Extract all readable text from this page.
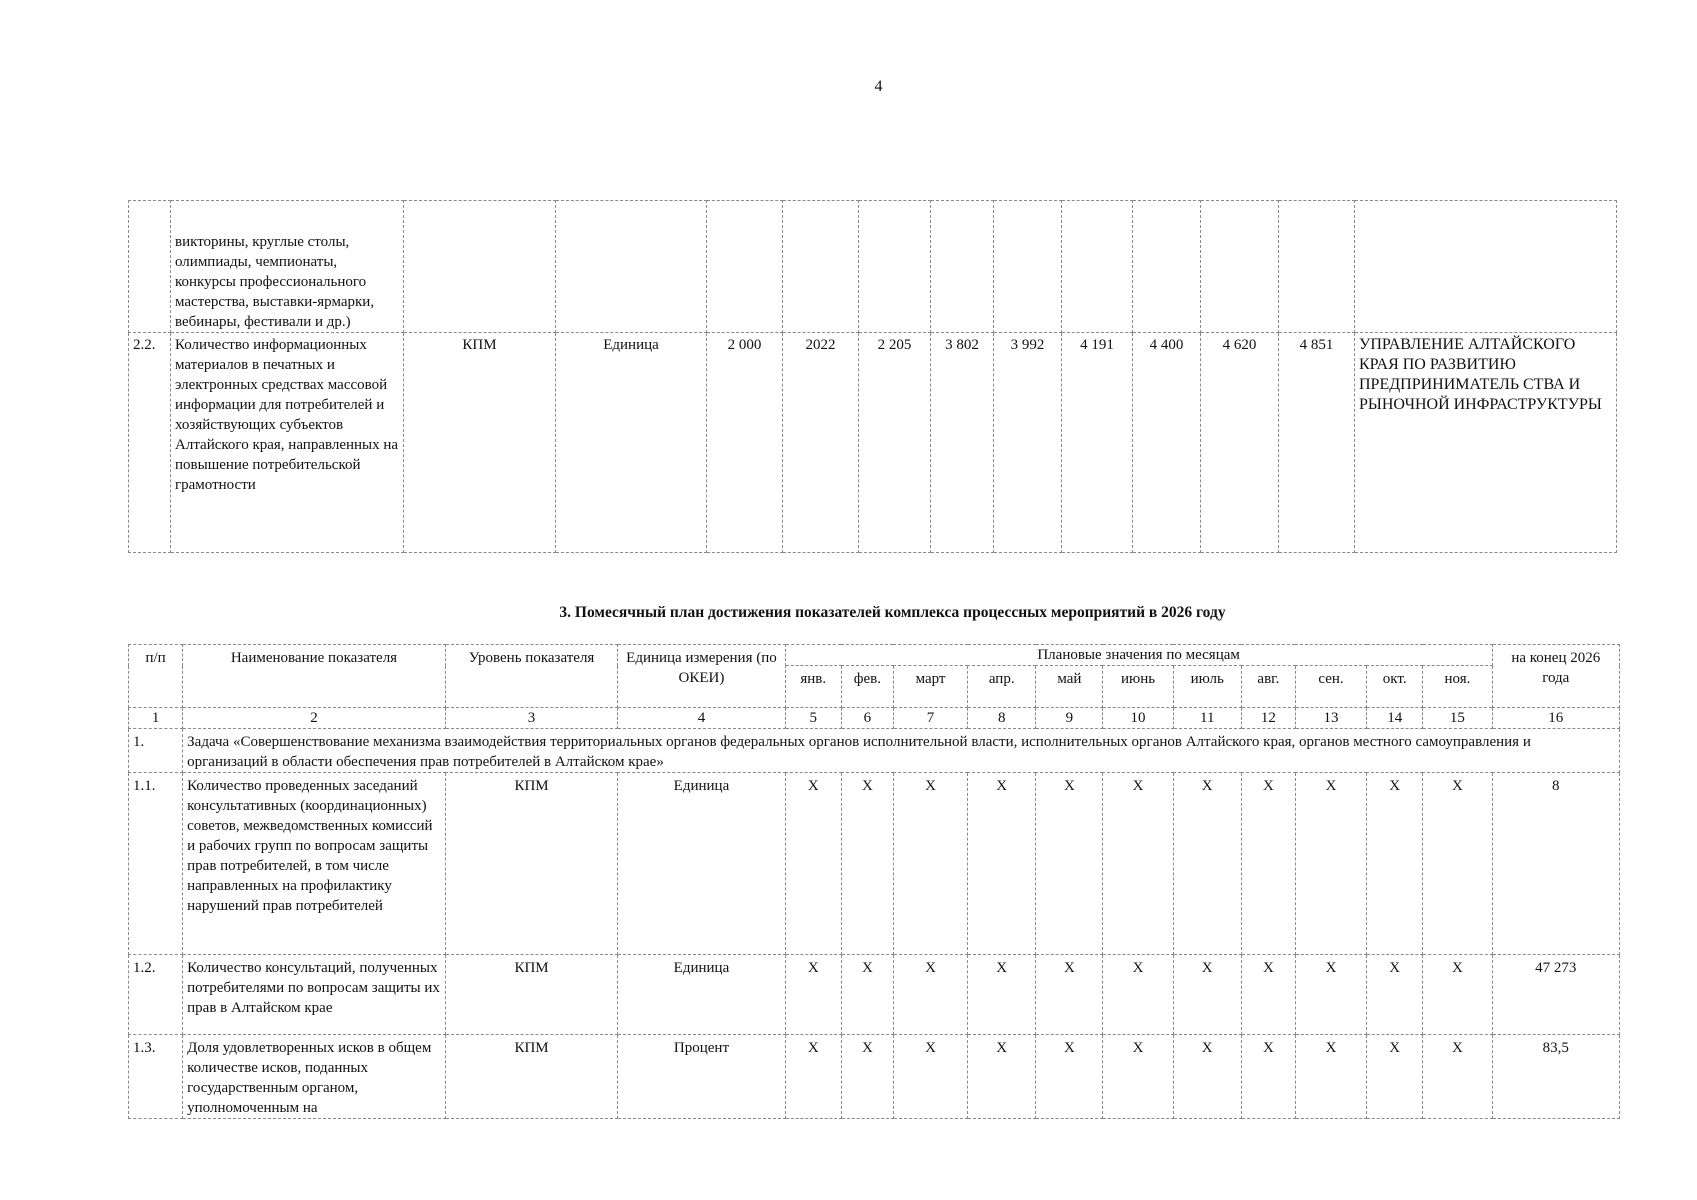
4
	викторины, круглые столы, олимпиады, чемпионаты, конкурсы профессионального мастерства, выставки-ярмарки, вебинары, фестивали и др.)												
2.2.	Количество информационных материалов в печатных и электронных средствах массовой информации для потребителей и хозяйствующих субъектов Алтайского края, направленных на повышение потребительской грамотности	КПМ	Единица	2 000	2022	2 205	3 802	3 992	4 191	4 400	4 620	4 851	УПРАВЛЕНИЕ АЛТАЙСКОГО КРАЯ ПО РАЗВИТИЮ ПРЕДПРИНИМАТЕЛЬ СТВА И РЫНОЧНОЙ ИНФРАСТРУКТУРЫ
3. Помесячный план достижения показателей комплекса процессных мероприятий в 2026 году
п/п	Наименование показателя	Уровень показателя	Единица измерения (по ОКЕИ)	Плановые значения по месяцам											на конец 2026 года
				янв.	фев.	март	апр.	май	июнь	июль	авг.	сен.	окт.	ноя.	
1	2	3	4	5	6	7	8	9	10	11	12	13	14	15	16
1.	Задача «Совершенствование механизма взаимодействия территориальных органов федеральных органов исполнительной власти, исполнительных органов Алтайского края, органов местного самоуправления и организаций в области обеспечения прав потребителей в Алтайском крае»														
1.1.	Количество проведенных заседаний консультативных (координационных) советов, межведомственных комиссий и рабочих групп по вопросам защиты прав потребителей, в том числе направленных на профилактику нарушений прав потребителей	КПМ	Единица	X	X	X	X	X	X	X	X	X	X	X	8
1.2.	Количество консультаций, полученных потребителями по вопросам защиты их прав в Алтайском крае	КПМ	Единица	X	X	X	X	X	X	X	X	X	X	X	47 273
1.3.	Доля удовлетворенных исков в общем количестве исков, поданных государственным органом, уполномоченным на	КПМ	Процент	X	X	X	X	X	X	X	X	X	X	X	83,5
